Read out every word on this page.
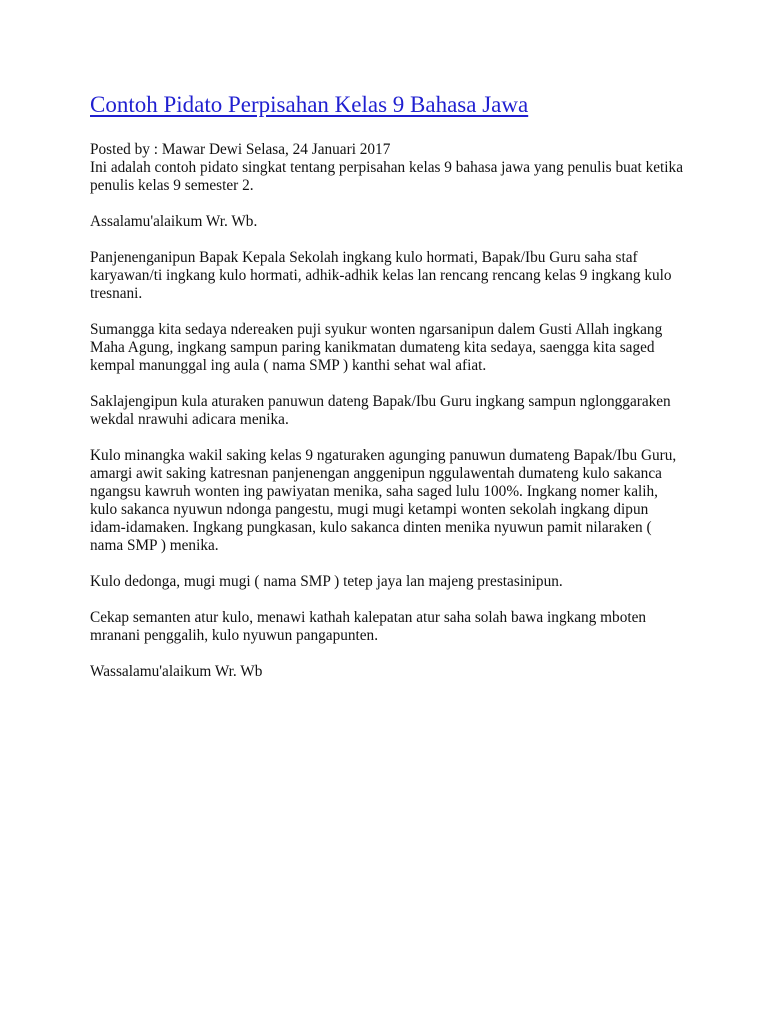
Contoh Pidato Perpisahan Kelas 9 Bahasa Jawa
Posted by : Mawar Dewi Selasa, 24 Januari 2017
Ini adalah contoh pidato singkat tentang perpisahan kelas 9 bahasa jawa yang penulis buat ketika
penulis kelas 9 semester 2.
Assalamu'alaikum Wr. Wb.
Panjenenganipun Bapak Kepala Sekolah ingkang kulo hormati, Bapak/Ibu Guru saha staf
karyawan/ti ingkang kulo hormati, adhik-adhik kelas lan rencang rencang kelas 9 ingkang kulo
tresnani.
Sumangga kita sedaya ndereaken puji syukur wonten ngarsanipun dalem Gusti Allah ingkang
Maha Agung, ingkang sampun paring kanikmatan dumateng kita sedaya, saengga kita saged
kempal manunggal ing aula ( nama SMP ) kanthi sehat wal afiat.
Saklajengipun kula aturaken panuwun dateng Bapak/Ibu Guru ingkang sampun nglonggaraken
wekdal nrawuhi adicara menika.
Kulo minangka wakil saking kelas 9 ngaturaken agunging panuwun dumateng Bapak/Ibu Guru,
amargi awit saking katresnan panjenengan anggenipun nggulawentah dumateng kulo sakanca
ngangsu kawruh wonten ing pawiyatan menika, saha saged lulu 100%. Ingkang nomer kalih,
kulo sakanca nyuwun ndonga pangestu, mugi mugi ketampi wonten sekolah ingkang dipun
idam-idamaken. Ingkang pungkasan, kulo sakanca dinten menika nyuwun pamit nilaraken (
nama SMP ) menika.
Kulo dedonga, mugi mugi ( nama SMP ) tetep jaya lan majeng prestasinipun.
Cekap semanten atur kulo, menawi kathah kalepatan atur saha solah bawa ingkang mboten
mranani penggalih, kulo nyuwun pangapunten.
Wassalamu'alaikum Wr. Wb
